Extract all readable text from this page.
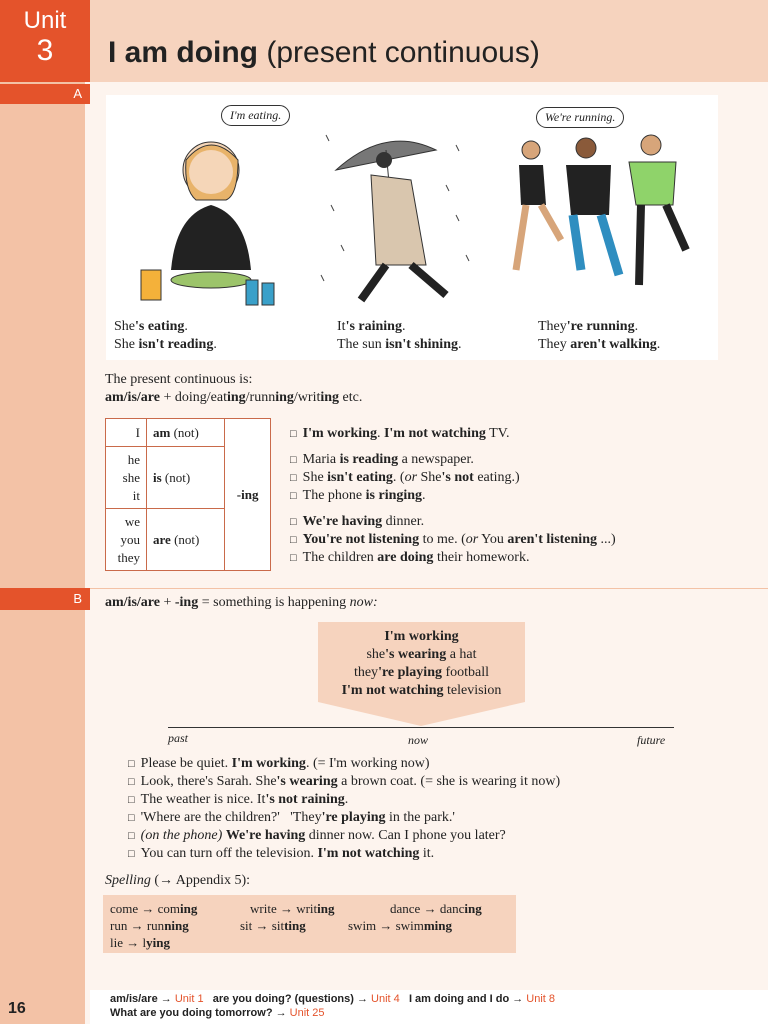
Unit
3	I am doing (present continuous)
A
I'm eating.	We're running.
She's eating.
She isn't reading.
It's raining.
The sun isn't shining.
They're running.
They aren't walking.
The present continuous is:
am/is/are + doing/eating/running/writing etc.
I	am (not)	-ing

he
she
it	is (not)	

we
you
they	are (not)	
□ I'm working. I'm not watching TV.
□ Maria is reading a newspaper.
□ She isn't eating. (or She's not eating.)
□ The phone is ringing.
□ We're having dinner.
□ You're not listening to me. (or You aren't listening ...)
□ The children are doing their homework.
B	am/is/are + -ing = something is happening now:
I'm working
she's wearing a hat
they're playing football
I'm not watching television
past	now	future
□ Please be quiet. I'm working. (= I'm working now)
□ Look, there's Sarah. She's wearing a brown coat. (= she is wearing it now)
□ The weather is nice. It's not raining.
□ 'Where are the children?'   'They're playing in the park.'
□ (on the phone) We're having dinner now. Can I phone you later?
□ You can turn off the television. I'm not watching it.
Spelling (→ Appendix 5):
come → coming	write → writing	dance → dancing
run → running	sit → sitting	swim → swimming
lie → lying
16
am/is/are → Unit 1   are you doing? (questions) → Unit 4   I am doing and I do → Unit 8
What are you doing tomorrow? → Unit 25
